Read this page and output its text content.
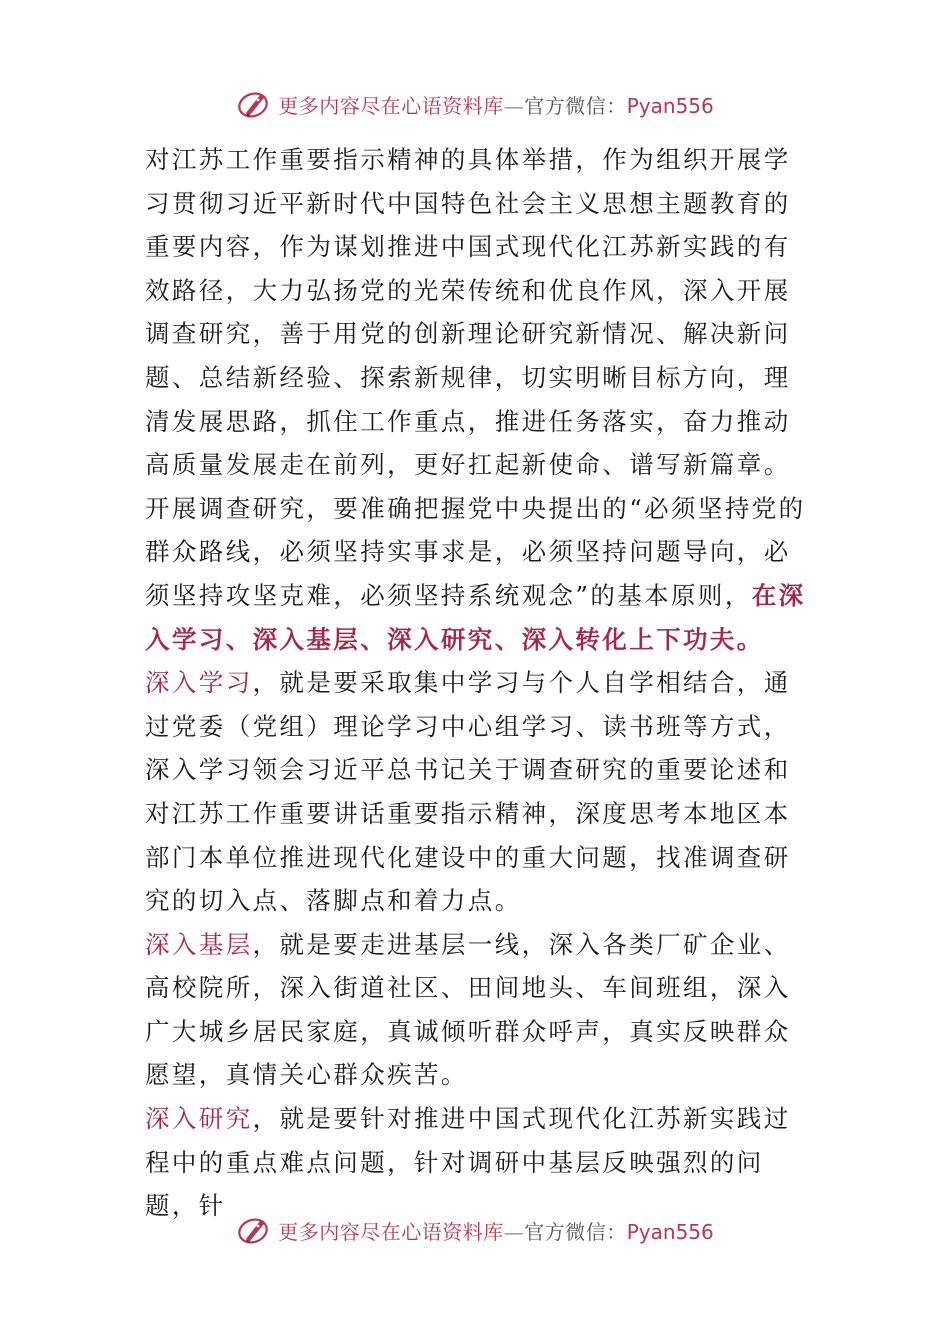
更多内容尽在心语资料库—官方微信：Pyan556

对江苏工作重要指示精神的具体举措，作为组织开展学习贯彻习近平新时代中国特色社会主义思想主题教育的重要内容，作为谋划推进中国式现代化江苏新实践的有效路径，大力弘扬党的光荣传统和优良作风，深入开展调查研究，善于用党的创新理论研究新情况、解决新问题、总结新经验、探索新规律，切实明晰目标方向，理清发展思路，抓住工作重点，推进任务落实，奋力推动高质量发展走在前列，更好扛起新使命、谱写新篇章。

开展调查研究，要准确把握党中央提出的“必须坚持党的群众路线，必须坚持实事求是，必须坚持问题导向，必须坚持攻坚克难，必须坚持系统观念”的基本原则，在深入学习、深入基层、深入研究、深入转化上下功夫。

深入学习，就是要采取集中学习与个人自学相结合，通过党委（党组）理论学习中心组学习、读书班等方式，深入学习领会习近平总书记关于调查研究的重要论述和对江苏工作重要讲话重要指示精神，深度思考本地区本部门本单位推进现代化建设中的重大问题，找准调查研究的切入点、落脚点和着力点。

深入基层，就是要走进基层一线，深入各类厂矿企业、高校院所，深入街道社区、田间地头、车间班组，深入广大城乡居民家庭，真诚倾听群众呼声，真实反映群众愿望，真情关心群众疾苦。

深入研究，就是要针对推进中国式现代化江苏新实践过程中的重点难点问题，针对调研中基层反映强烈的问题，针

更多内容尽在心语资料库—官方微信：Pyan556
